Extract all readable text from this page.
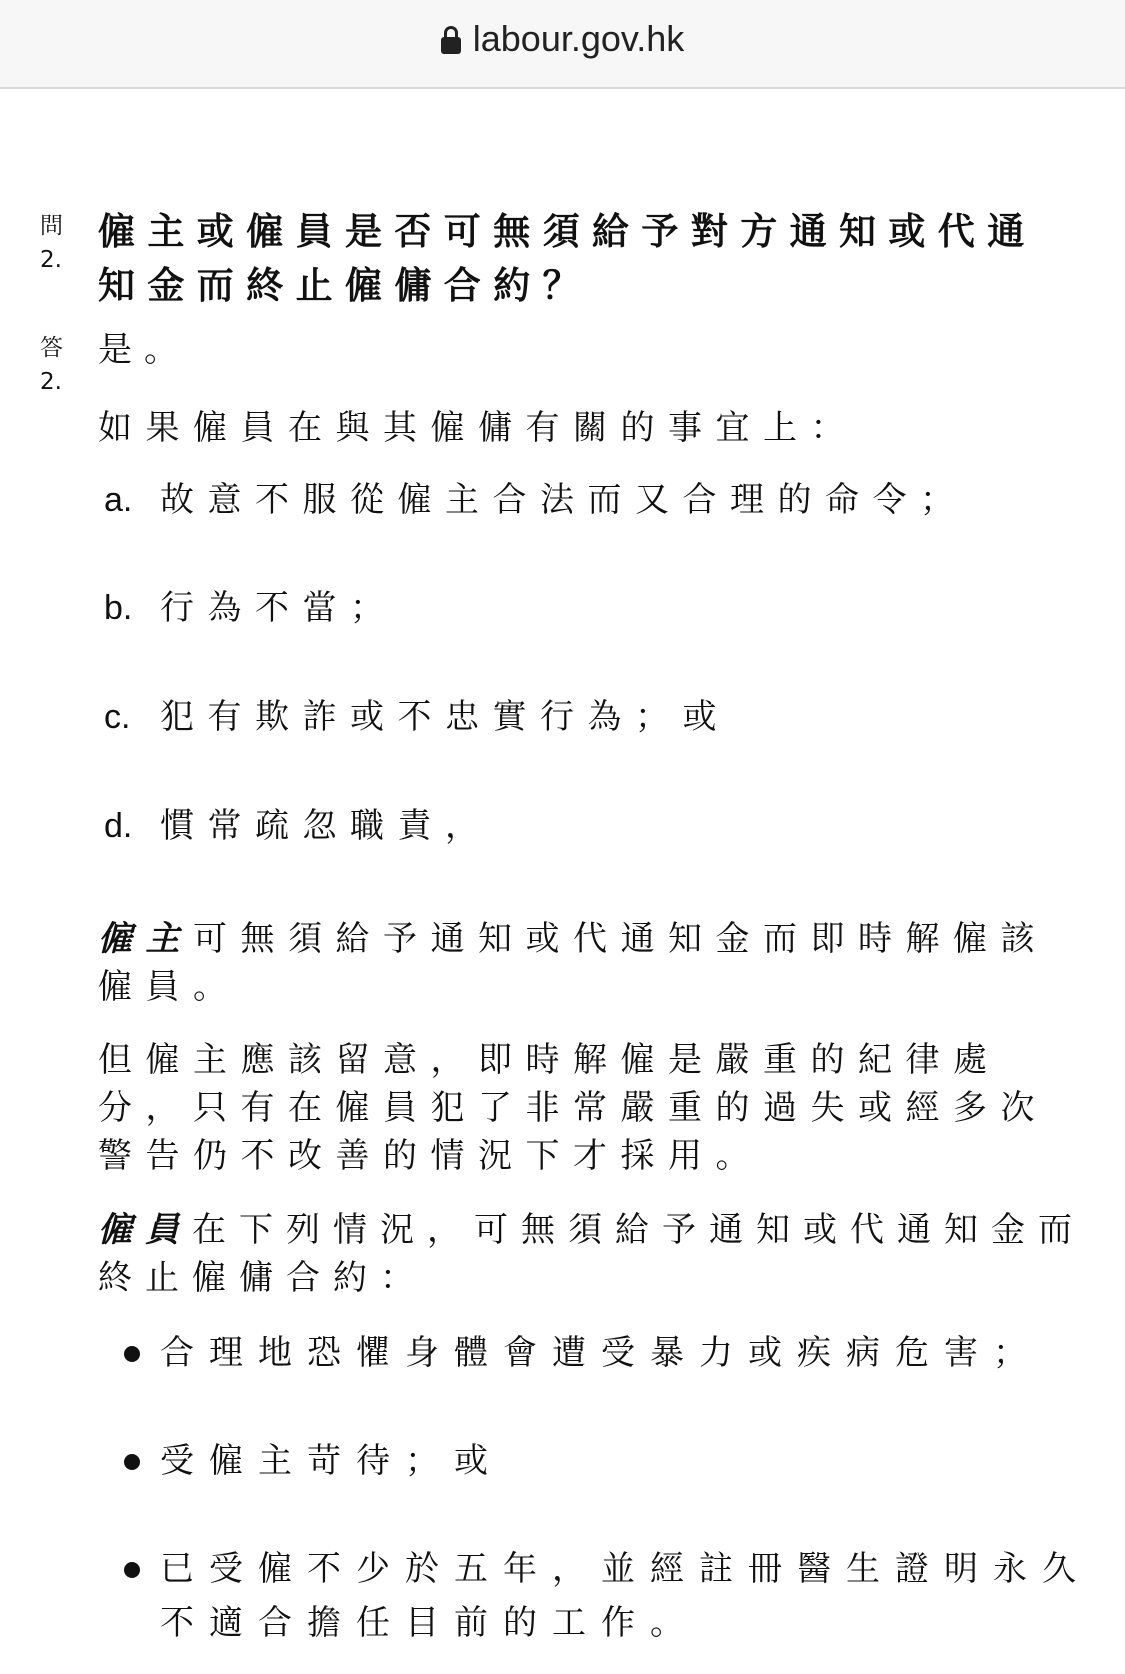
labour.gov.hk
問
2.
僱主或僱員是否可無須給予對方通知或代通知金而終止僱傭合約？
答
2.

是。

如果僱員在與其僱傭有關的事宜上：

a. 故意不服從僱主合法而又合理的命令；

b. 行為不當；

c. 犯有欺詐或不忠實行為；或

d. 慣常疏忽職責，

僱主可無須給予通知或代通知金而即時解僱該僱員。

但僱主應該留意，即時解僱是嚴重的紀律處分，只有在僱員犯了非常嚴重的過失或經多次警告仍不改善的情況下才採用。

僱員在下列情況，可無須給予通知或代通知金而終止僱傭合約：

合理地恐懼身體會遭受暴力或疾病危害；

受僱主苛待；或

已受僱不少於五年，並經註冊醫生證明永久不適合擔任目前的工作。
